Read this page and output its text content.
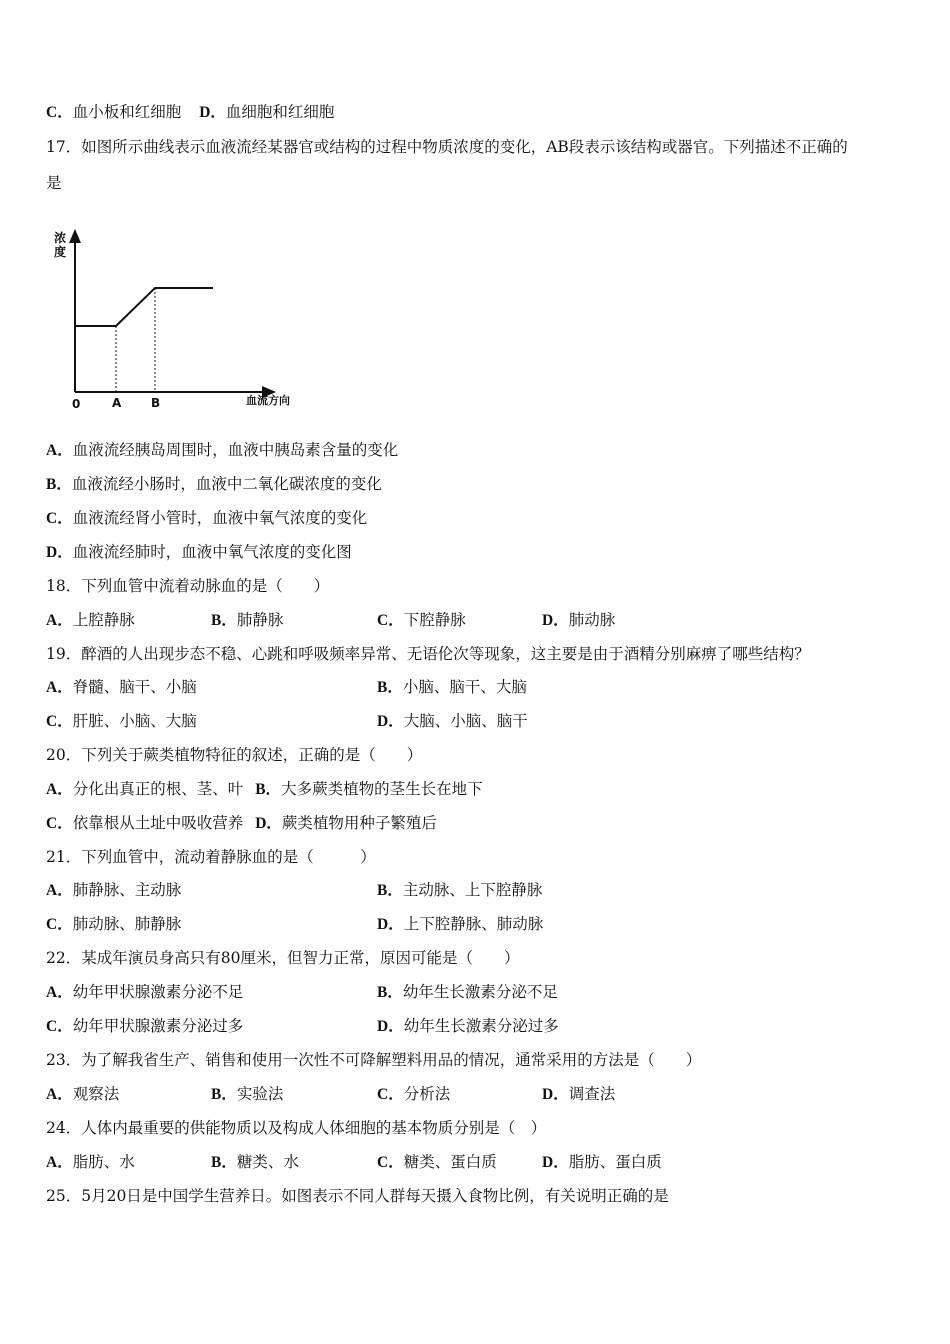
C．血小板和红细胞 D．血细胞和红细胞
17．如图所示曲线表示血液流经某器官或结构的过程中物质浓度的变化，AB段表示该结构或器官。下列描述不正确的
是
浓
度
血流方向
0	A B
A．血液流经胰岛周围时，血液中胰岛素含量的变化
B．血液流经小肠时，血液中二氧化碳浓度的变化
C．血液流经肾小管时，血液中氧气浓度的变化
D．血液流经肺时，血液中氧气浓度的变化图
18．下列血管中流着动脉血的是（　　）
A．上腔静脉	B．肺静脉	C．下腔静脉	D．肺动脉
19．醉酒的人出现步态不稳、心跳和呼吸频率异常、无语伦次等现象，这主要是由于酒精分别麻痹了哪些结构？
A．脊髓、脑干、小脑	B．小脑、脑干、大脑
C．肝脏、小脑、大脑	D．大脑、小脑、脑干
20．下列关于蕨类植物特征的叙述，正确的是（　　）
A．分化出真正的根、茎、叶 B．大多蕨类植物的茎生长在地下
C．依靠根从土址中吸收营养 D．蕨类植物用种子繁殖后
21．下列血管中，流动着静脉血的是（　　　）
A．肺静脉、主动脉	B．主动脉、上下腔静脉
C．肺动脉、肺静脉	D．上下腔静脉、肺动脉
22．某成年演员身高只有80厘米，但智力正常，原因可能是（　　）
A．幼年甲状腺激素分泌不足	B．幼年生长激素分泌不足
C．幼年甲状腺激素分泌过多	D．幼年生长激素分泌过多
23．为了解我省生产、销售和使用一次性不可降解塑料用品的情况，通常采用的方法是（　　）
A．观察法	B．实验法	C．分析法	D．调查法
24．人体内最重要的供能物质以及构成人体细胞的基本物质分别是（　）
A．脂肪、水	B．糖类、水	C．糖类、蛋白质	D．脂肪、蛋白质
25．5月20日是中国学生营养日。如图表示不同人群每天摄入食物比例，有关说明正确的是
